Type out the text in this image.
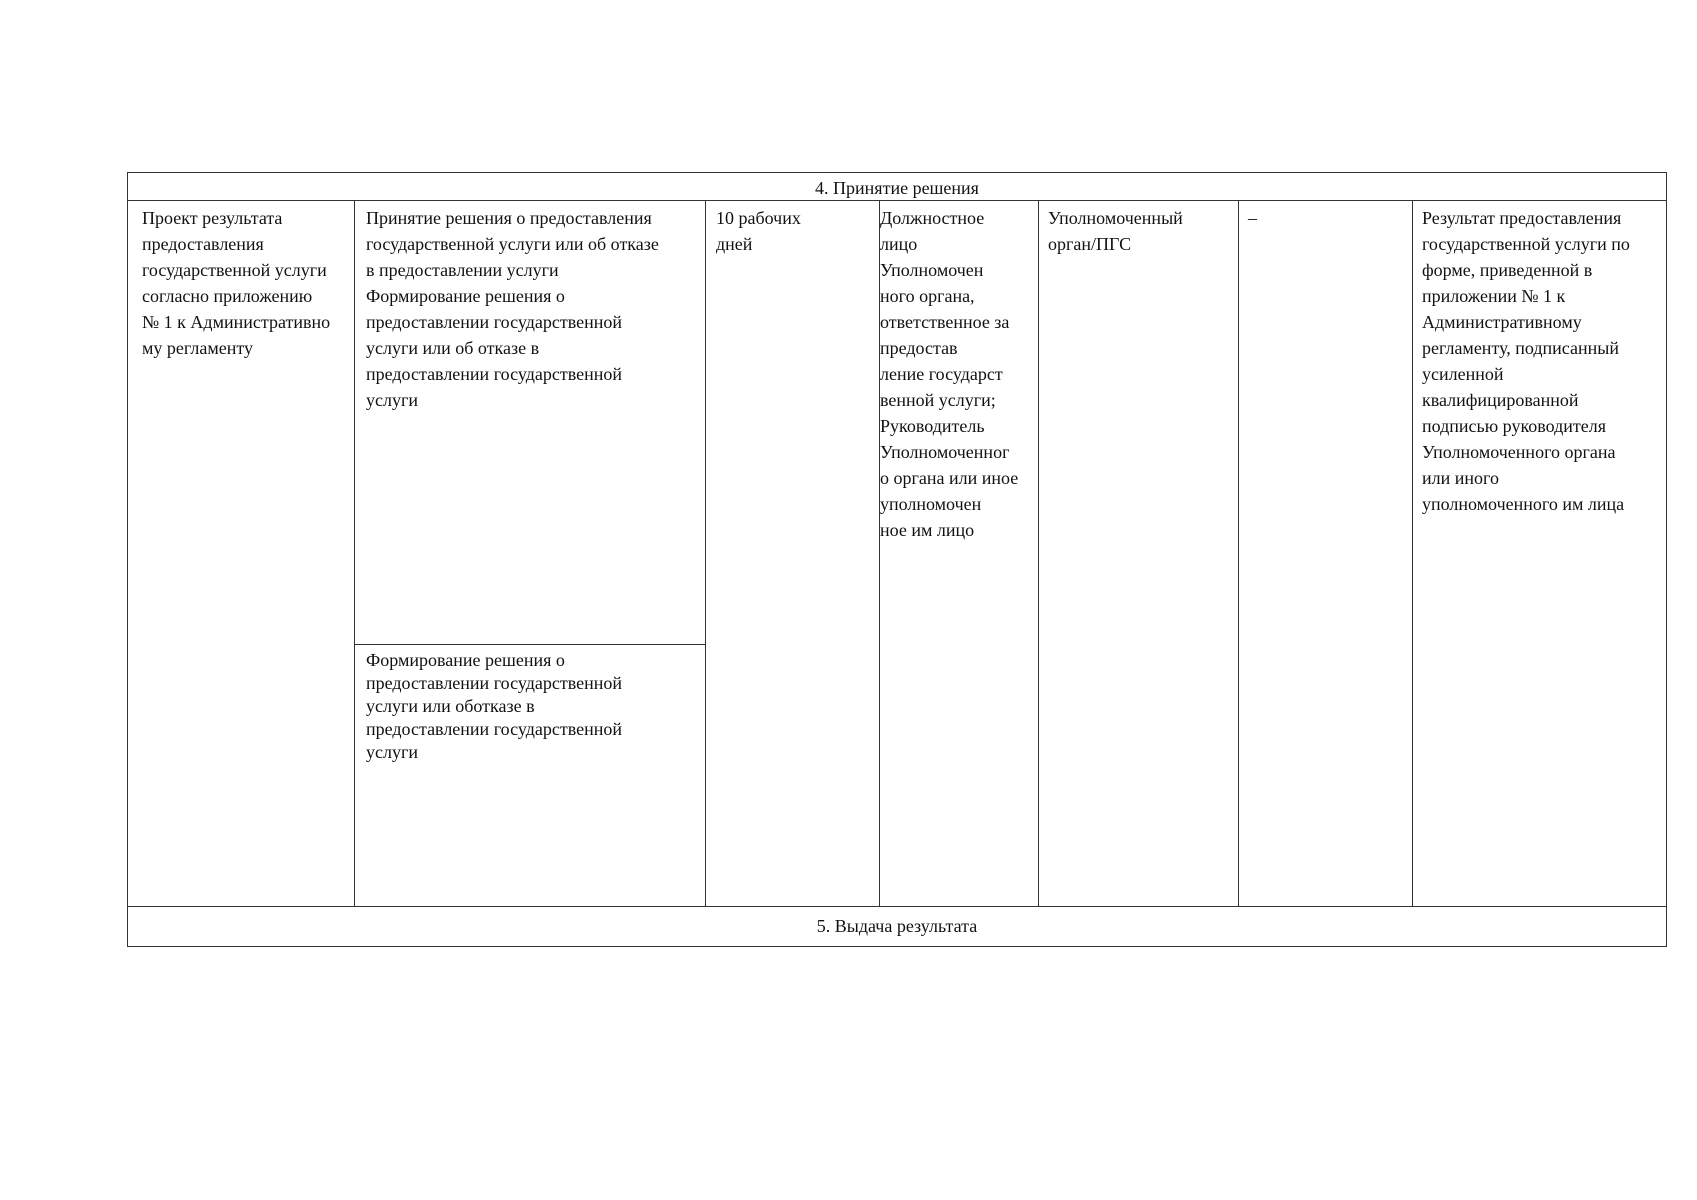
4. Принятие решения
Проект результата
предоставления
государственной услуги
согласно приложению
№ 1 к Административно
му регламенту
Принятие решения о предоставления
государственной услуги или об отказе
в предоставлении услуги
Формирование решения о
предоставлении государственной
услуги или об отказе в
предоставлении государственной
услуги
Формирование решения о
предоставлении государственной
услуги или оботказе в
предоставлении государственной
услуги
10 рабочих
дней
Должностное
лицо
Уполномочен
ного органа,
ответственное за
предостав
ление государст
венной услуги;
Руководитель
Уполномоченног
о органа или иное
уполномочен
ное им лицо
Уполномоченный
орган/ПГС
–	Результат предоставления
государственной услуги по
форме, приведенной в
приложении № 1 к
Административному
регламенту, подписанный
усиленной
квалифицированной
подписью руководителя
Уполномоченного органа
или иного
уполномоченного им лица
5. Выдача результата
